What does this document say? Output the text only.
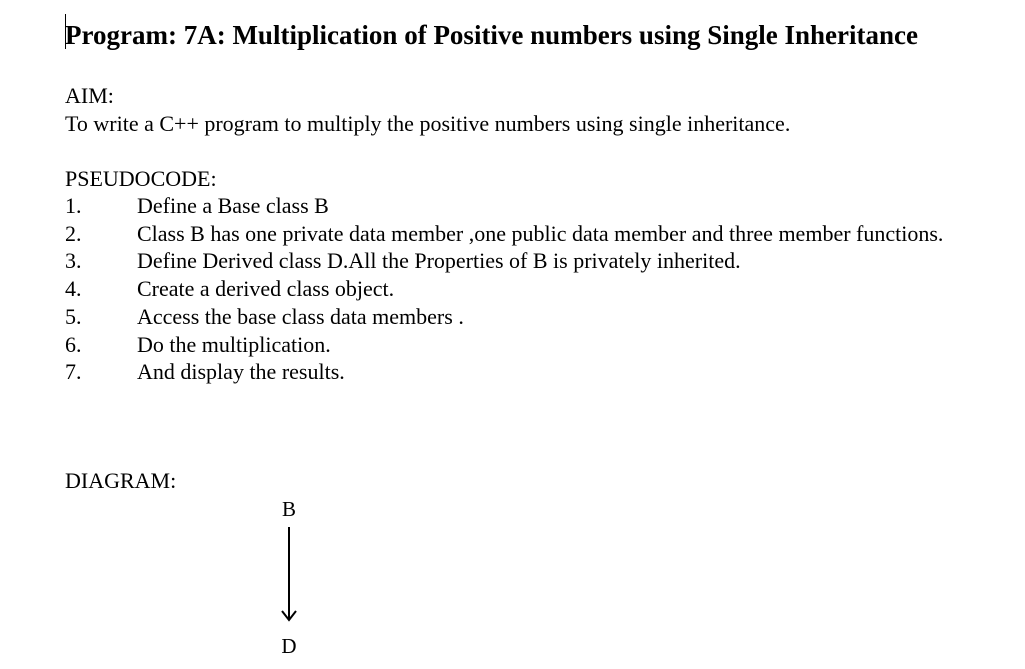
Program: 7A: Multiplication of Positive numbers using Single Inheritance
AIM:
To write a C++ program to multiply the positive numbers using single inheritance.
PSEUDOCODE:
1.	Define a Base class B
2.	Class B has one private data member ,one public data member and three member functions.
3.	Define Derived class D.All the Properties of B is privately inherited.
4.	Create a derived class object.
5.	Access the base class data members .
6.	Do the multiplication.
7.	And display the results.
DIAGRAM:
B
D
